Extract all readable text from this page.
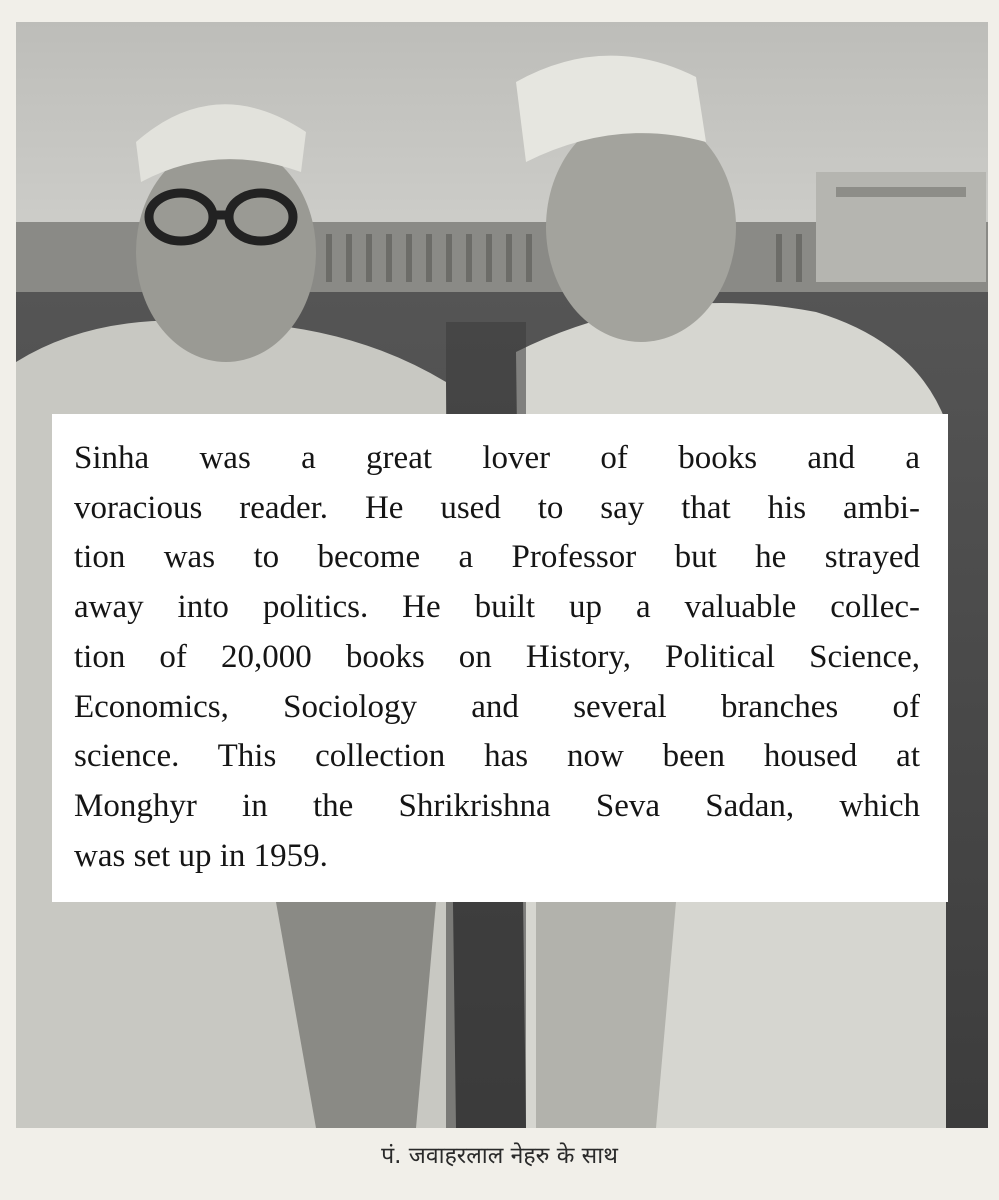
Sinha was a great lover of books and a
voracious reader. He used to say that his ambi-
tion was to become a Professor but he strayed
away into politics. He built up a valuable collec-
tion of 20,000 books on History, Political Science,
Economics, Sociology and several branches of
science. This collection has now been housed at
Monghyr in the Shrikrishna Seva Sadan, which
was set up in 1959.

पं. जवाहरलाल नेहरु के साथ
